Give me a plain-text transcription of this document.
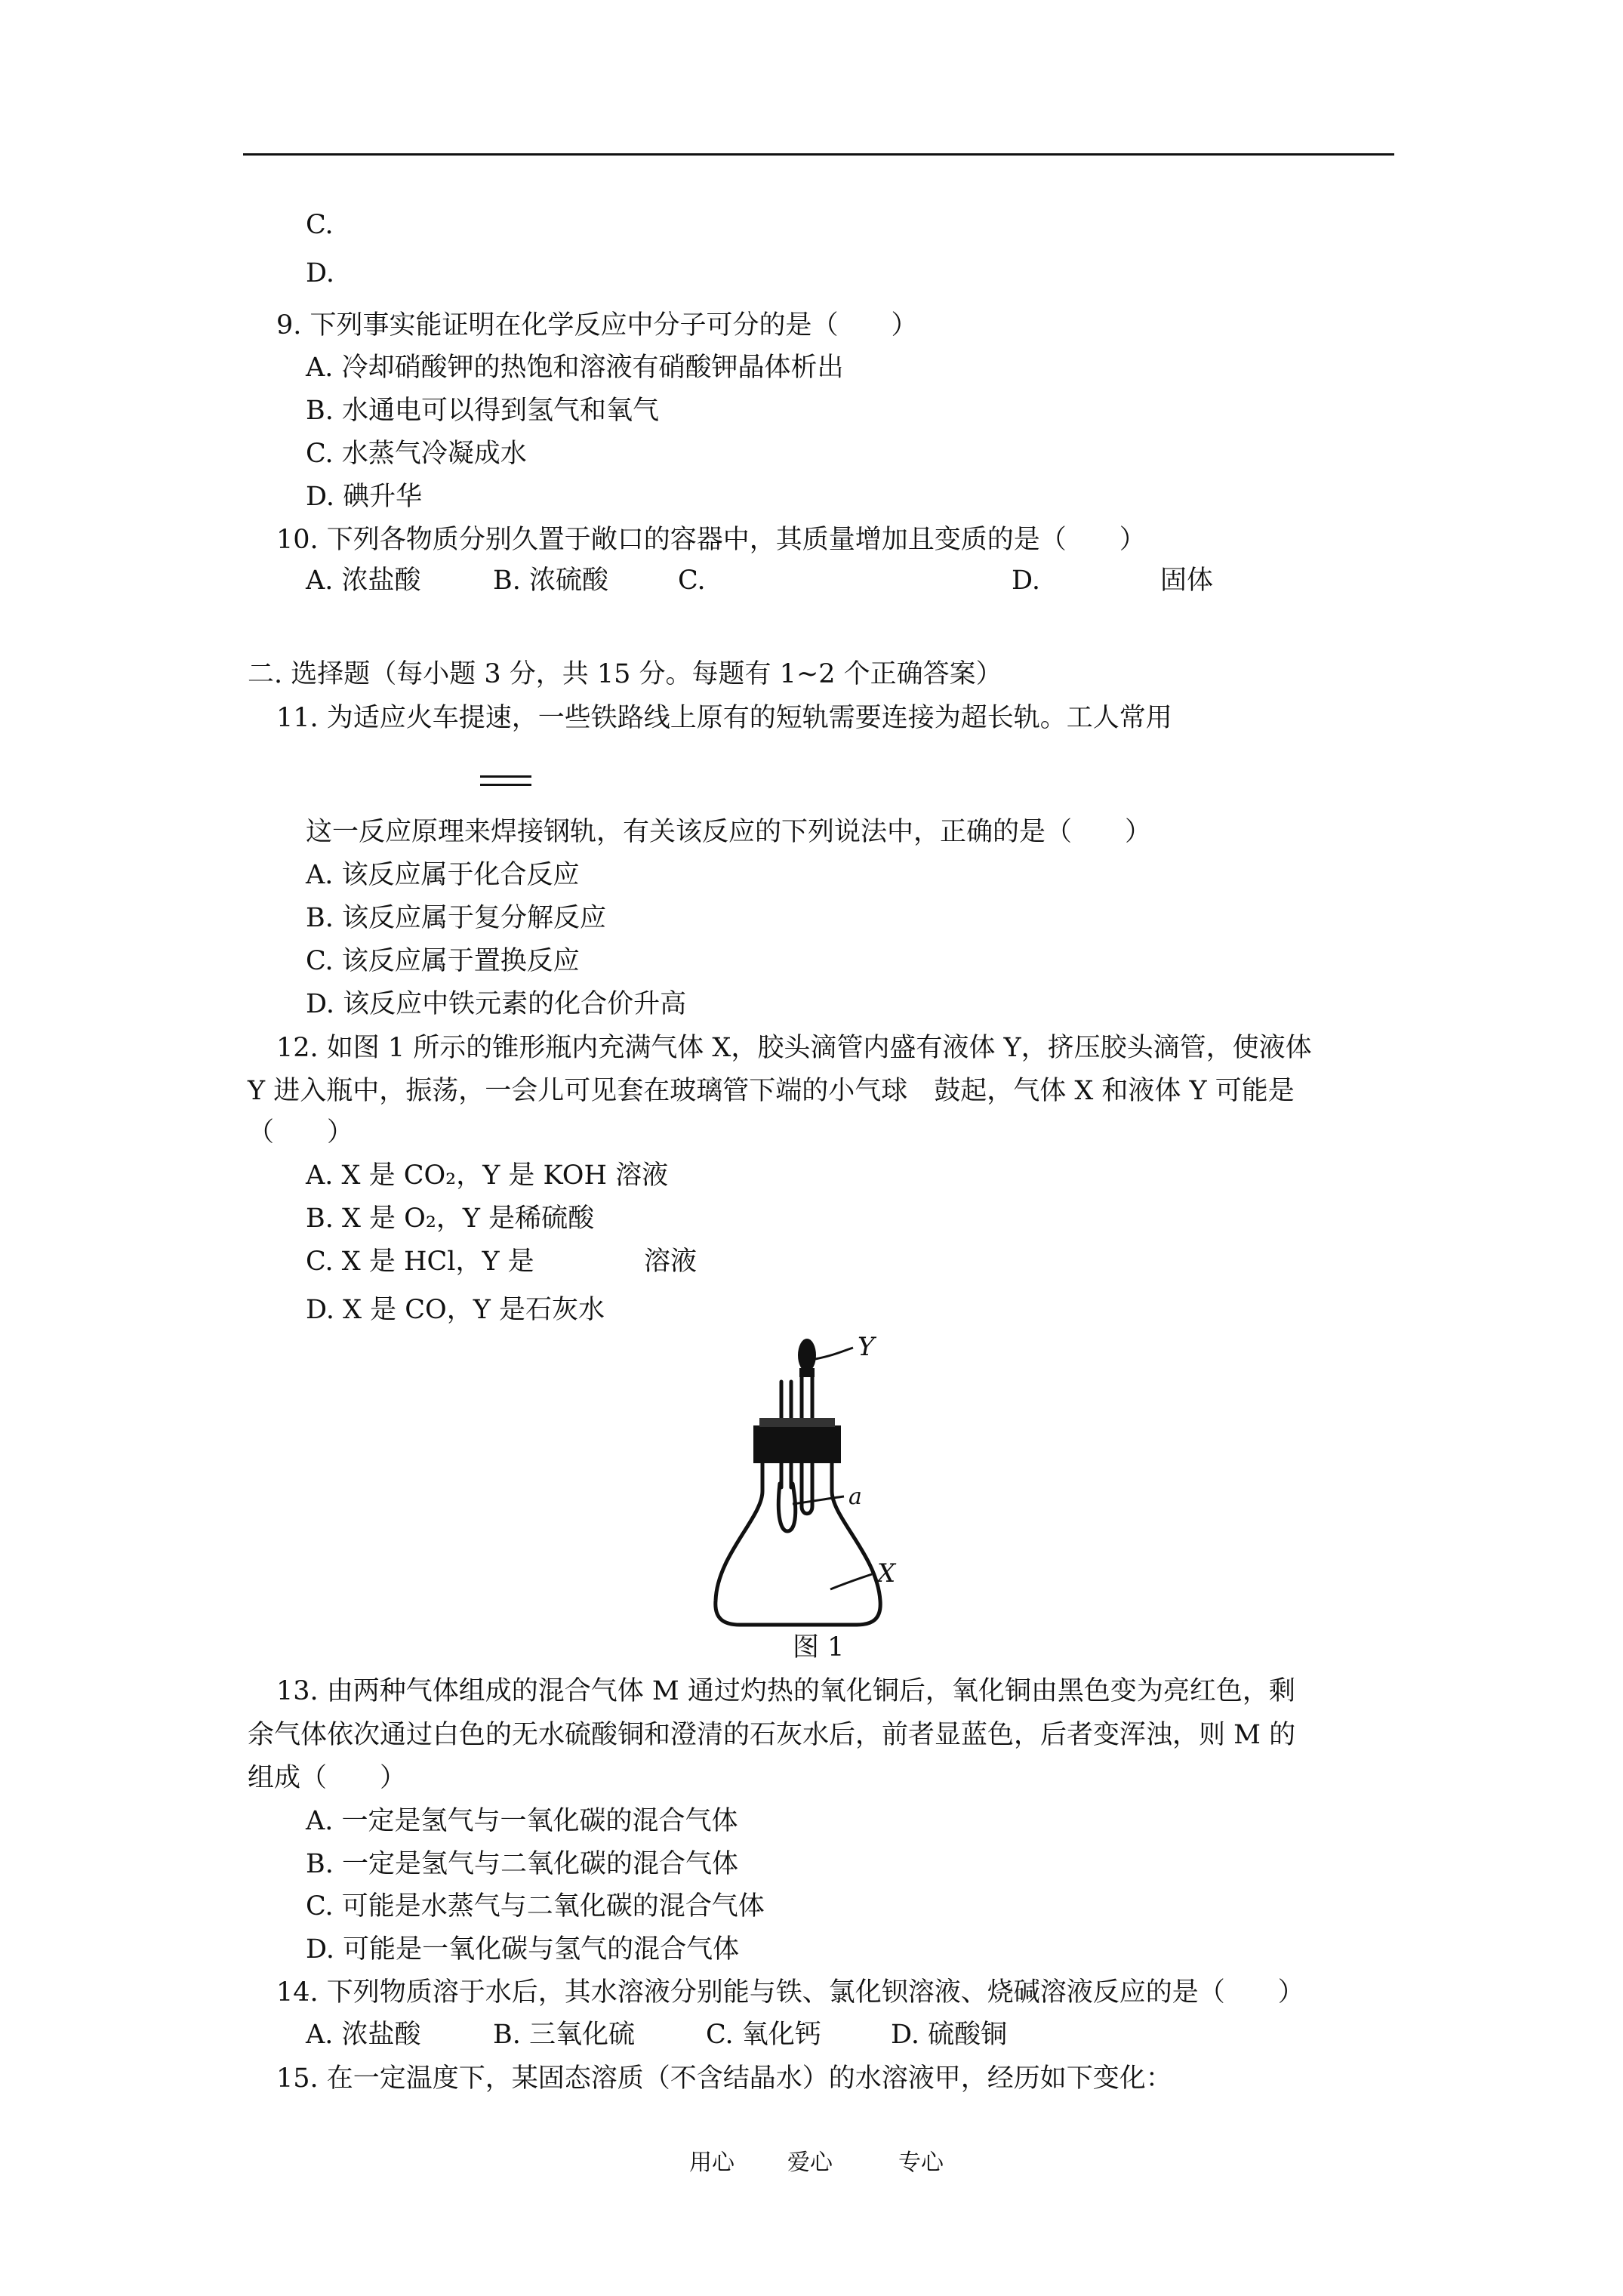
C.
D.
9. 下列事实能证明在化学反应中分子可分的是（　　）
A. 冷却硝酸钾的热饱和溶液有硝酸钾晶体析出
B. 水通电可以得到氢气和氧气
C. 水蒸气冷凝成水
D. 碘升华
10. 下列各物质分别久置于敞口的容器中，其质量增加且变质的是（　　）
A. 浓盐酸	B. 浓硫酸	C.	D.	固体
二. 选择题（每小题 3 分，共 15 分。每题有 1~2 个正确答案）
11. 为适应火车提速，一些铁路线上原有的短轨需要连接为超长轨。工人常用
这一反应原理来焊接钢轨，有关该反应的下列说法中，正确的是（　　）
A. 该反应属于化合反应
B. 该反应属于复分解反应
C. 该反应属于置换反应
D. 该反应中铁元素的化合价升高
12. 如图 1 所示的锥形瓶内充满气体 X，胶头滴管内盛有液体 Y，挤压胶头滴管，使液体
Y 进入瓶中，振荡，一会儿可见套在玻璃管下端的小气球　鼓起，气体 X 和液体 Y 可能是
（　　）
A. X 是 CO₂，Y 是 KOH 溶液
B. X 是 O₂，Y 是稀硫酸
C. X 是 HCl，Y 是	溶液
D. X 是 CO，Y 是石灰水
Y
a
X
图 1
13. 由两种气体组成的混合气体 M 通过灼热的氧化铜后，氧化铜由黑色变为亮红色，剩
余气体依次通过白色的无水硫酸铜和澄清的石灰水后，前者显蓝色，后者变浑浊，则 M 的
组成（　　）
A. 一定是氢气与一氧化碳的混合气体
B. 一定是氢气与二氧化碳的混合气体
C. 可能是水蒸气与二氧化碳的混合气体
D. 可能是一氧化碳与氢气的混合气体
14. 下列物质溶于水后，其水溶液分别能与铁、氯化钡溶液、烧碱溶液反应的是（　　）
A. 浓盐酸	B. 三氧化硫	C. 氧化钙	D. 硫酸铜
15. 在一定温度下，某固态溶质（不含结晶水）的水溶液甲，经历如下变化：
用心 爱心	专心
